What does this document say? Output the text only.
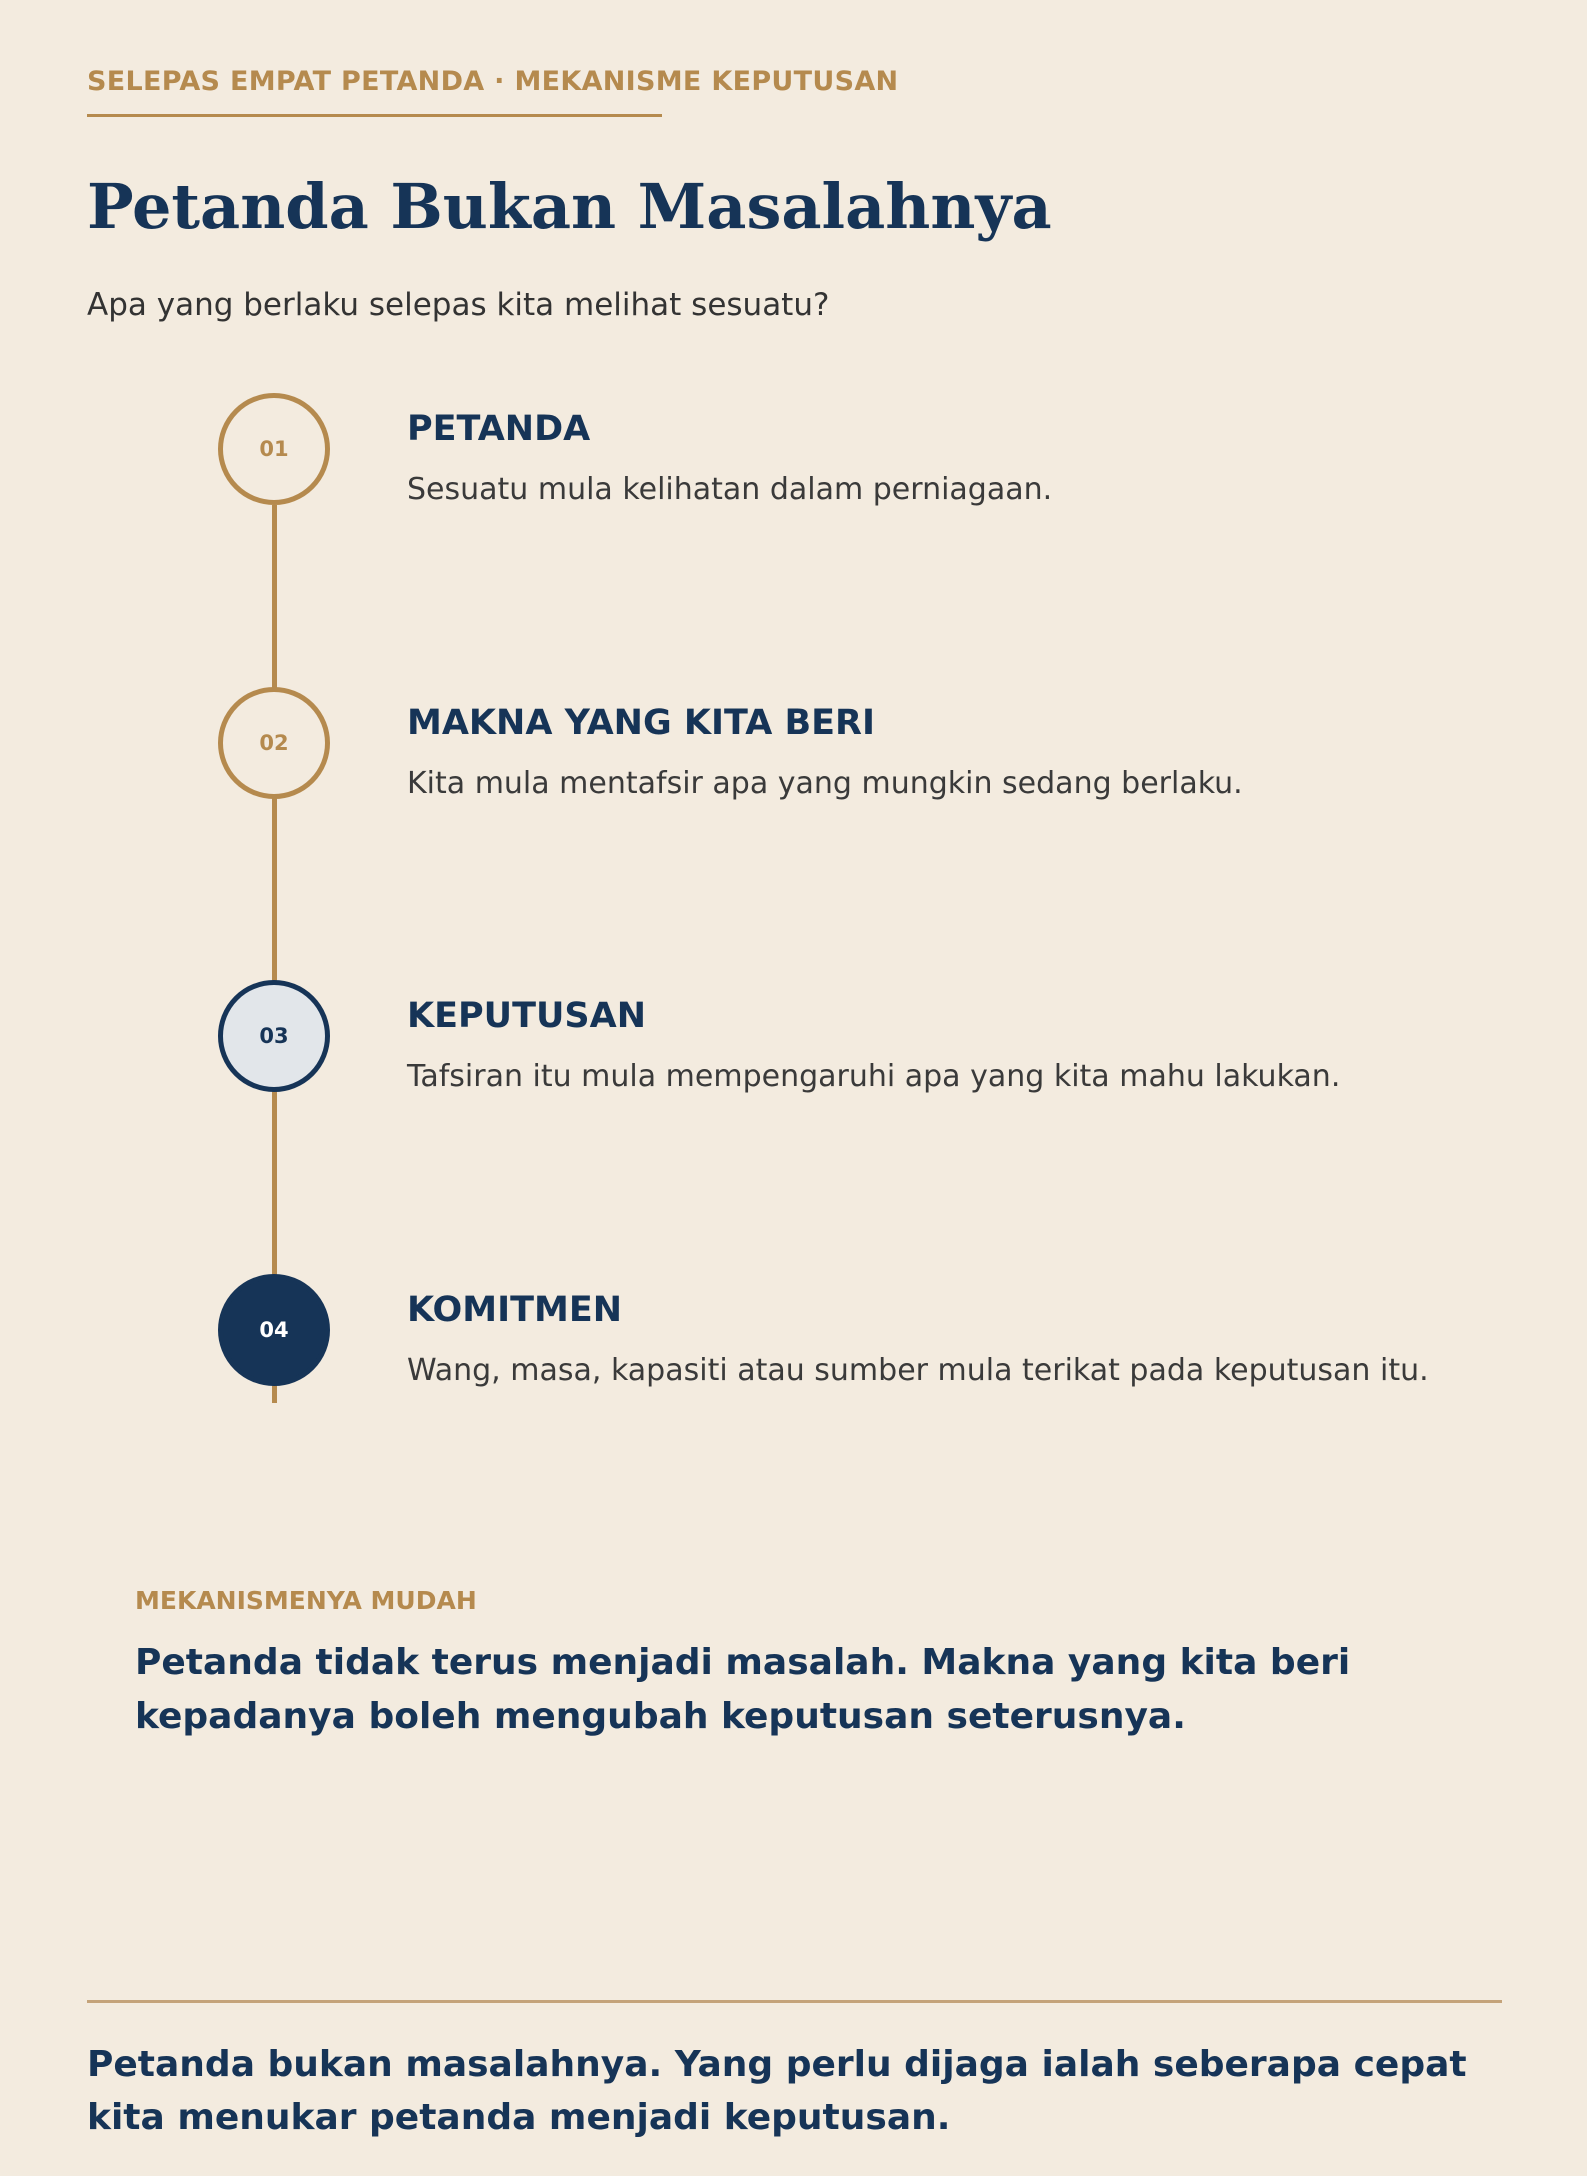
SELEPAS EMPAT PETANDA · MEKANISME KEPUTUSAN
Petanda Bukan Masalahnya
Apa yang berlaku selepas kita melihat sesuatu?
01	PETANDA
Sesuatu mula kelihatan dalam perniagaan.
02	MAKNA YANG KITA BERI
Kita mula mentafsir apa yang mungkin sedang berlaku.
03	KEPUTUSAN
Tafsiran itu mula mempengaruhi apa yang kita mahu lakukan.
04	KOMITMEN
Wang, masa, kapasiti atau sumber mula terikat pada keputusan itu.
MEKANISMENYA MUDAH
Petanda tidak terus menjadi masalah. Makna yang kita beri kepadanya boleh mengubah keputusan seterusnya.
Petanda bukan masalahnya. Yang perlu dijaga ialah seberapa cepat kita menukar petanda menjadi keputusan.
